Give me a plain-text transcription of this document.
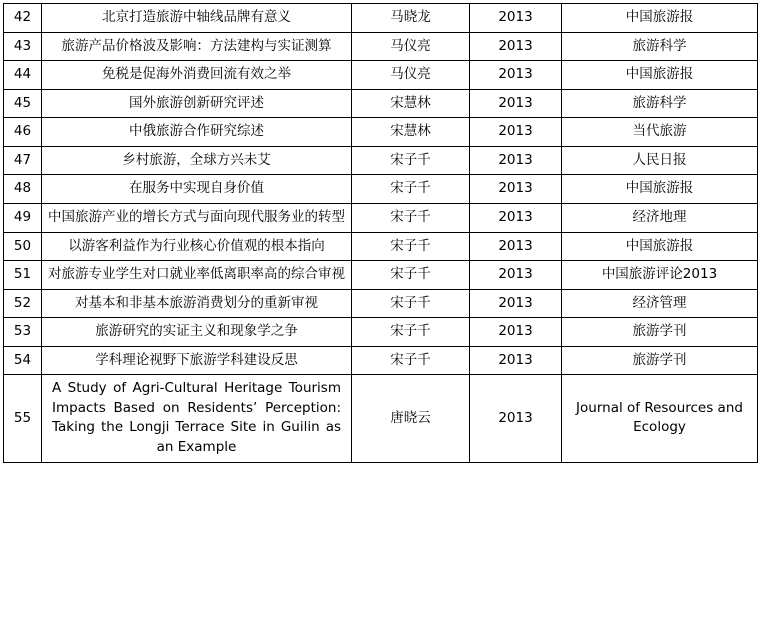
42	北京打造旅游中轴线品牌有意义	马晓龙	2013	中国旅游报
43	旅游产品价格波及影响：方法建构与实证测算	马仪亮	2013	旅游科学
44	免税是促海外消费回流有效之举	马仪亮	2013	中国旅游报
45	国外旅游创新研究评述	宋慧林	2013	旅游科学
46	中俄旅游合作研究综述	宋慧林	2013	当代旅游
47	乡村旅游，全球方兴未艾	宋子千	2013	人民日报
48	在服务中实现自身价值	宋子千	2013	中国旅游报
49	中国旅游产业的增长方式与面向现代服务业的转型	宋子千	2013	经济地理
50	以游客利益作为行业核心价值观的根本指向	宋子千	2013	中国旅游报
51	对旅游专业学生对口就业率低离职率高的综合审视	宋子千	2013	中国旅游评论2013
52	对基本和非基本旅游消费划分的重新审视	宋子千	2013	经济管理
53	旅游研究的实证主义和现象学之争	宋子千	2013	旅游学刊
54	学科理论视野下旅游学科建设反思	宋子千	2013	旅游学刊
55	A Study of Agri-Cultural Heritage Tourism Impacts Based on Residents’ Perception: Taking the Longji Terrace Site in Guilin as an Example	唐晓云	2013	Journal of Resources and Ecology
